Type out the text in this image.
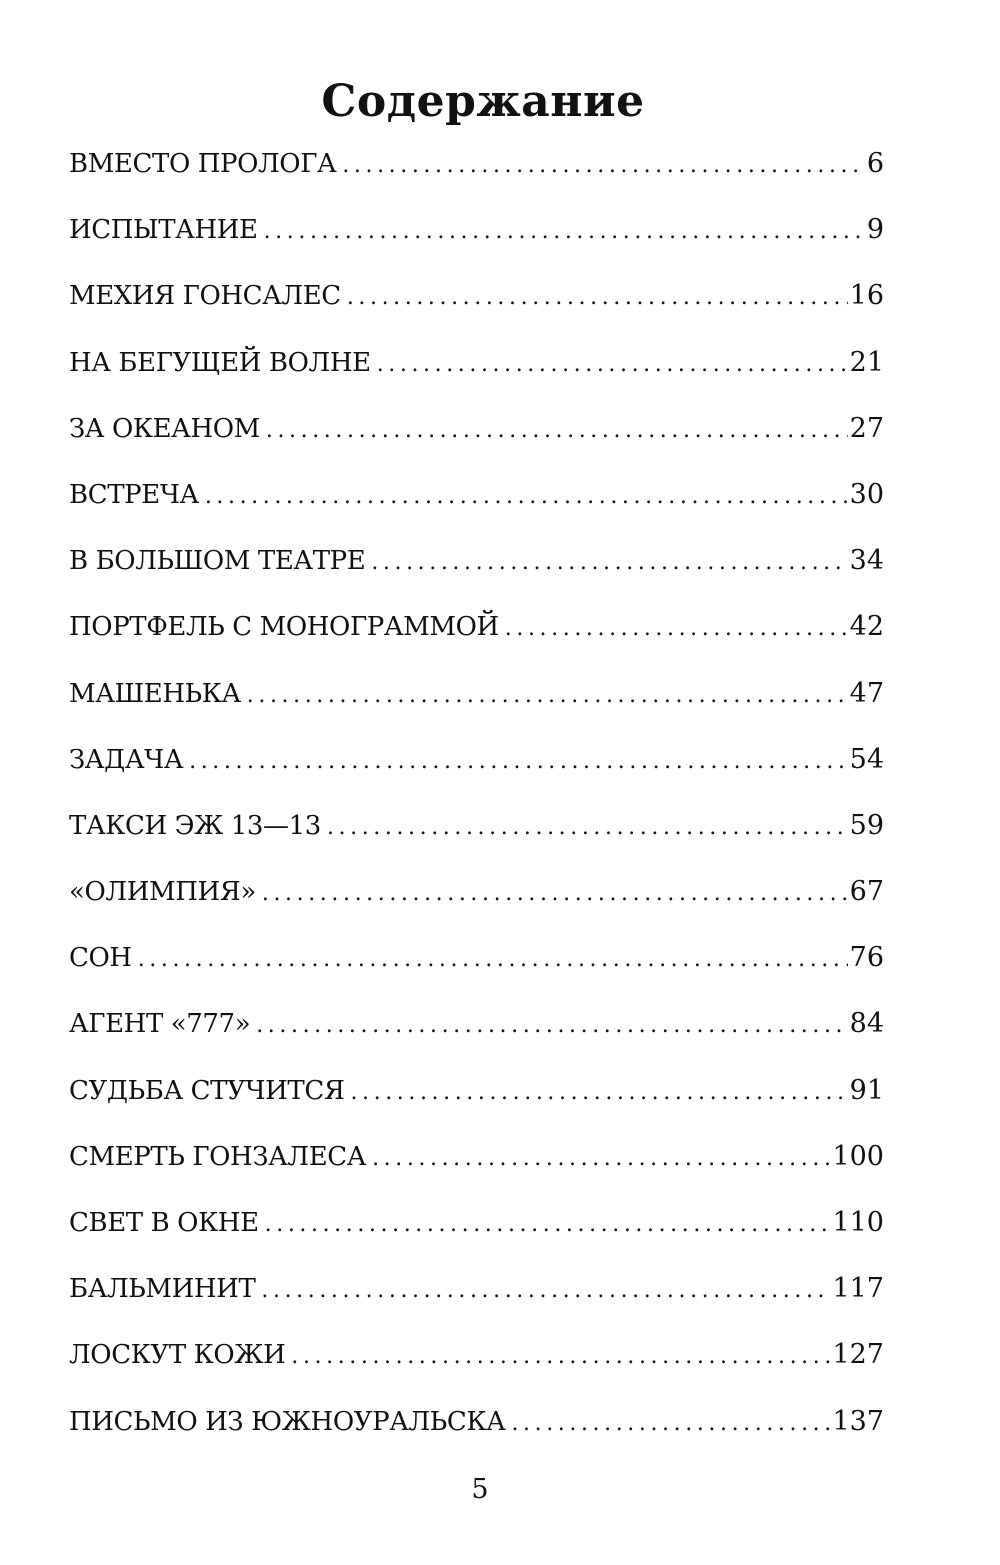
Содержание
ВМЕСТО ПРОЛОГА . . .	6
ИСПЫТАНИЕ . . .	9
МЕХИЯ ГОНСАЛЕС . . .	16
НА БЕГУЩЕЙ ВОЛНЕ . . .	21
ЗА ОКЕАНОМ . . .	27
ВСТРЕЧА . . .	30
В БОЛЬШОМ ТЕАТРЕ . . .	34
ПОРТФЕЛЬ С МОНОГРАММОЙ . . .	42
МАШЕНЬКА . . .	47
ЗАДАЧА . . .	54
ТАКСИ ЭЖ 13—13 . . .	59
«ОЛИМПИЯ» . . .	67
СОН . . .	76
АГЕНТ «777» . . .	84
СУДЬБА СТУЧИТСЯ . . .	91
СМЕРТЬ ГОНЗАЛЕСА . . .	100
СВЕТ В ОКНЕ . . .	110
БАЛЬМИНИТ . . .	117
ЛОСКУТ КОЖИ . . .	127
ПИСЬМО ИЗ ЮЖНОУРАЛЬСКА . . .	137
5
